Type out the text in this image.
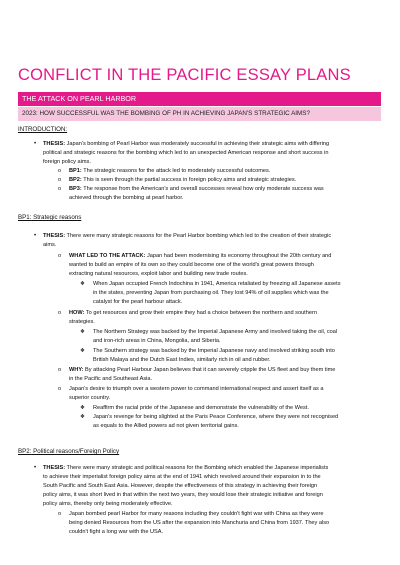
CONFLICT IN THE PACIFIC ESSAY PLANS
THE ATTACK ON PEARL HARBOR
2023: HOW SUCCESSFUL WAS THE BOMBING OF PH IN ACHIEVING JAPAN'S STRATEGIC AIMS?
INTRODUCTION:
• THESIS: Japan's bombing of Pearl Harbor was moderately successful in achieving their strategic aims with differing
political and strategic reasons for the bombing which led to an unexpected American response and short success in
foreign policy aims.
o BP1: The strategic reasons for the attack led to moderately successful outcomes.
o BP2: This is seen through the partial success in foreign policy aims and strategic strategies.
o BP3: The response from the American's and overall successes reveal how only moderate success was
achieved through the bombing at pearl harbor.
BP1: Strategic reasons
• THESIS: There were many strategic reasons for the Pearl Harbor bombing which led to the creation of their strategic
aims.
o WHAT LED TO THE ATTACK: Japan had been modernising its economy throughout the 20th century and
wanted to build an empire of its own so they could become one of the world's great powers through
extracting natural resources, exploit labor and building new trade routes.
❖ When Japan occupied French Indochina in 1941, America retaliated by freezing all Japanese assets
in the states, preventing Japan from purchasing oil. They lost 94% of oil supplies which was the
catalyst for the pearl harbour attack.
o HOW: To get resources and grow their empire they had a choice between the northern and southern
strategies.
❖ The Northern Strategy was backed by the Imperial Japanese Army and involved taking the oil, coal
and iron-rich areas in China, Mongolia, and Siberia.
❖ The Southern strategy was backed by the Imperial Japanese navy and involved striking south into
British Malaya and the Dutch East Indies, similarly rich in oil and rubber.
o WHY: By attacking Pearl Harbour Japan believes that it can severely cripple the US fleet and buy them time
in the Pacific and Southeast Asia.
o Japan's desire to triumph over a western power to command international respect and assert itself as a
superior country.
❖ Reaffirm the racial pride of the Japanese and demonstrate the vulnerability of the West.
❖ Japan's revenge for being slighted at the Paris Peace Conference, where they were not recognised
as equals to the Allied powers ad not given territorial gains.
BP2: Political reasons/Foreign Policy
• THESIS: There were many strategic and political reasons for the Bombing which enabled the Japanese imperialists
to achieve their imperialist foreign policy aims at the end of 1941 which revolved around their expansion in to the
South Pacific and South East Asia. However, despite the effectiveness of this strategy in achieving their foreign
policy aims, it was short lived in that within the next two years, they would lose their strategic initiative and foreign
policy aims, thereby only being moderately effective.
o Japan bombed pearl Harbor for many reasons including they couldn't fight war with China as they were
being denied Resources from the US after the expansion into Manchuria and China from 1937. They also
couldn't fight a long war with the USA.
